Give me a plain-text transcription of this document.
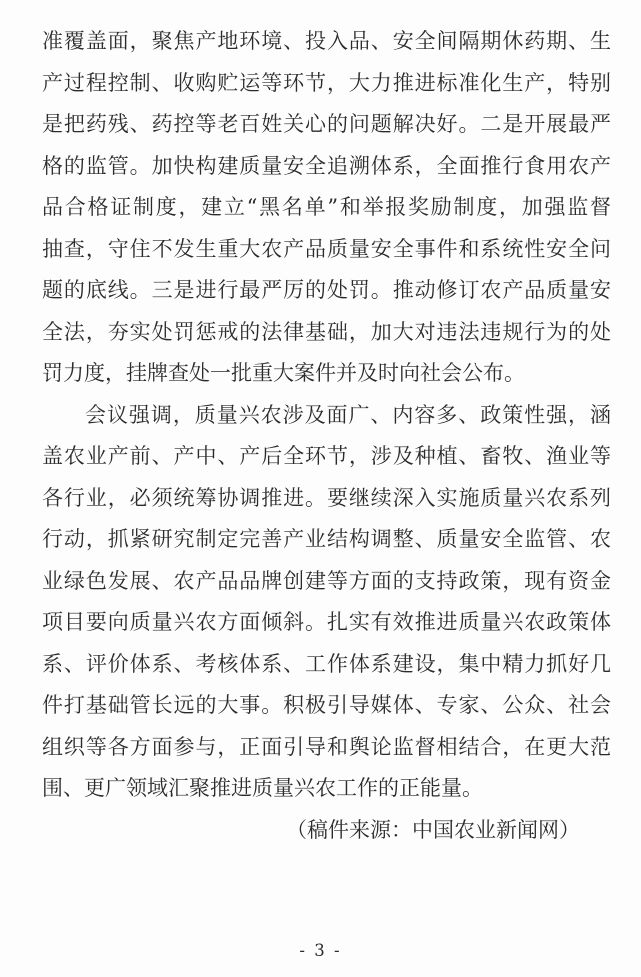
准覆盖面，聚焦产地环境、投入品、安全间隔期休药期、生
产过程控制、收购贮运等环节，大力推进标准化生产，特别
是把药残、药控等老百姓关心的问题解决好。二是开展最严
格的监管。加快构建质量安全追溯体系，全面推行食用农产
品合格证制度，建立“黑名单”和举报奖励制度，加强监督
抽查，守住不发生重大农产品质量安全事件和系统性安全问
题的底线。三是进行最严厉的处罚。推动修订农产品质量安
全法，夯实处罚惩戒的法律基础，加大对违法违规行为的处
罚力度，挂牌查处一批重大案件并及时向社会公布。
会议强调，质量兴农涉及面广、内容多、政策性强，涵
盖农业产前、产中、产后全环节，涉及种植、畜牧、渔业等
各行业，必须统筹协调推进。要继续深入实施质量兴农系列
行动，抓紧研究制定完善产业结构调整、质量安全监管、农
业绿色发展、农产品品牌创建等方面的支持政策，现有资金
项目要向质量兴农方面倾斜。扎实有效推进质量兴农政策体
系、评价体系、考核体系、工作体系建设，集中精力抓好几
件打基础管长远的大事。积极引导媒体、专家、公众、社会
组织等各方面参与，正面引导和舆论监督相结合，在更大范
围、更广领域汇聚推进质量兴农工作的正能量。
（稿件来源：中国农业新闻网）
- 3 -
